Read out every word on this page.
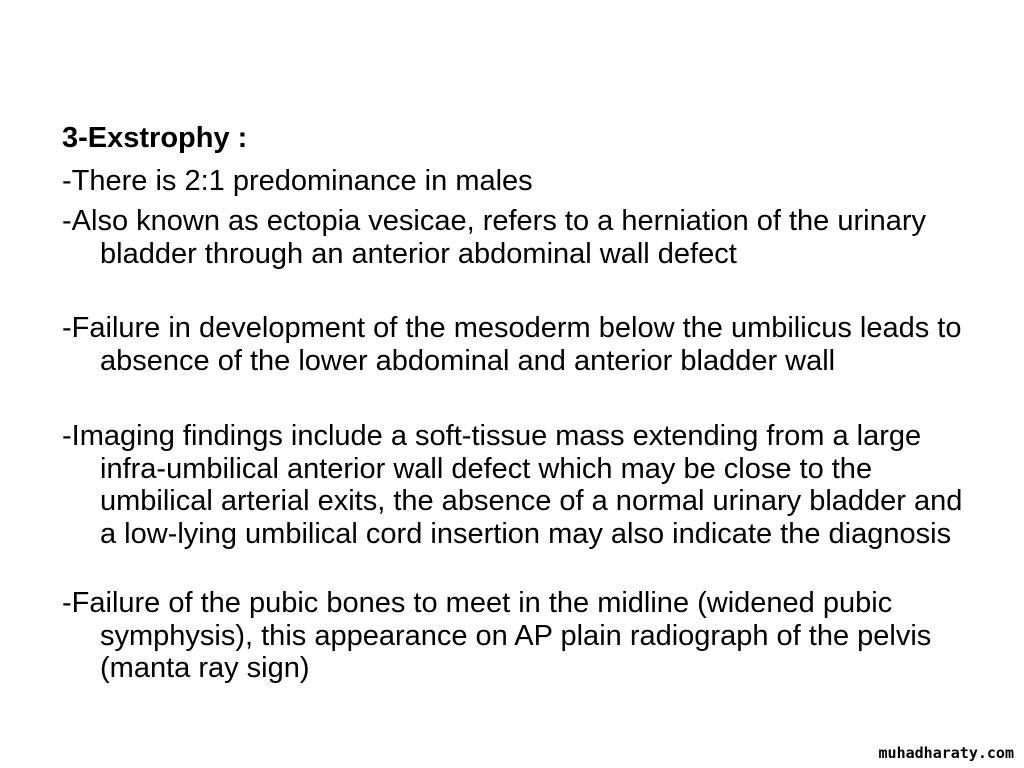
3-Exstrophy :

-There is 2:1 predominance in males

-Also known as ectopia vesicae, refers to a herniation of the urinary bladder through an anterior abdominal wall defect

-Failure in development of the mesoderm below the umbilicus leads to absence of the lower abdominal and anterior bladder wall

-Imaging findings include a soft-tissue mass extending from a large infra-umbilical anterior wall defect which may be close to the umbilical arterial exits, the absence of a normal urinary bladder and a low-lying umbilical cord insertion may also indicate the diagnosis

-Failure of the pubic bones to meet in the midline (widened pubic symphysis), this appearance on AP plain radiograph of the pelvis (manta ray sign)

muhadharaty.com
